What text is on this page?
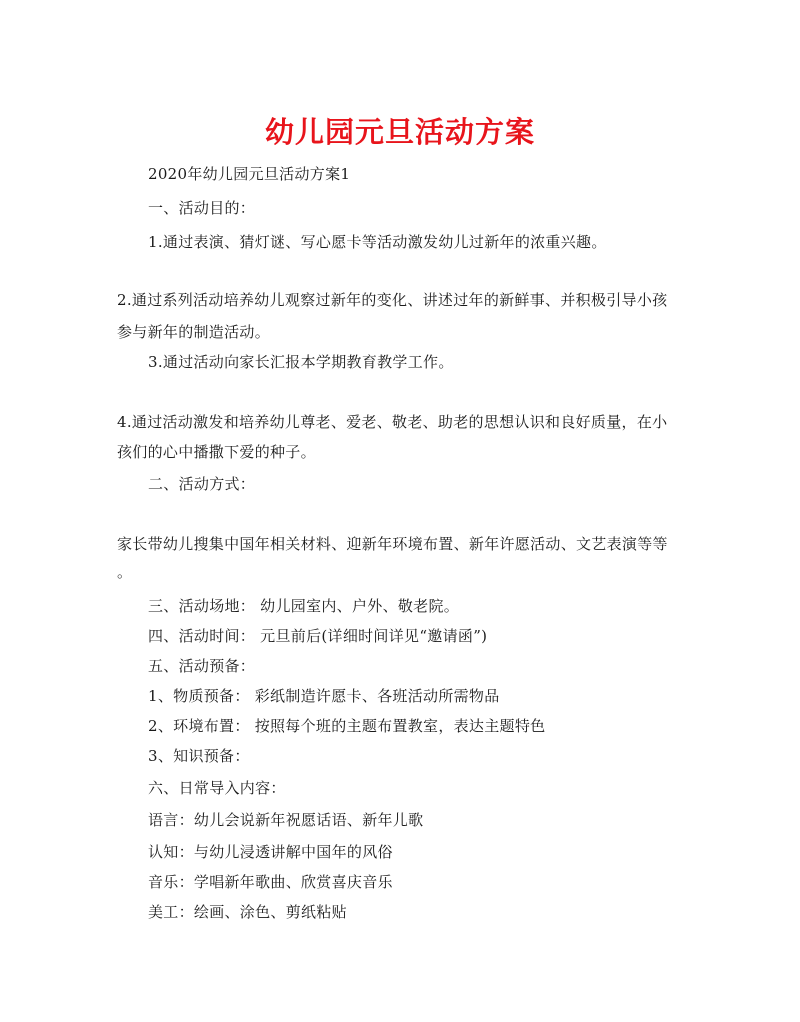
幼儿园元旦活动方案
2020年幼儿园元旦活动方案1
一、活动目的：
1.通过表演、猜灯谜、写心愿卡等活动激发幼儿过新年的浓重兴趣。
2.通过系列活动培养幼儿观察过新年的变化、讲述过年的新鲜事、并积极引导小孩
参与新年的制造活动。
3.通过活动向家长汇报本学期教育教学工作。
4.通过活动激发和培养幼儿尊老、爱老、敬老、助老的思想认识和良好质量，在小
孩们的心中播撒下爱的种子。
二、活动方式：
家长带幼儿搜集中国年相关材料、迎新年环境布置、新年许愿活动、文艺表演等等
。
三、活动场地： 幼儿园室内、户外、敬老院。
四、活动时间： 元旦前后(详细时间详见“邀请函”)
五、活动预备：
1、物质预备： 彩纸制造许愿卡、各班活动所需物品
2、环境布置： 按照每个班的主题布置教室，表达主题特色
3、知识预备：
六、日常导入内容：
语言：幼儿会说新年祝愿话语、新年儿歌
认知：与幼儿浸透讲解中国年的风俗
音乐：学唱新年歌曲、欣赏喜庆音乐
美工：绘画、涂色、剪纸粘贴
